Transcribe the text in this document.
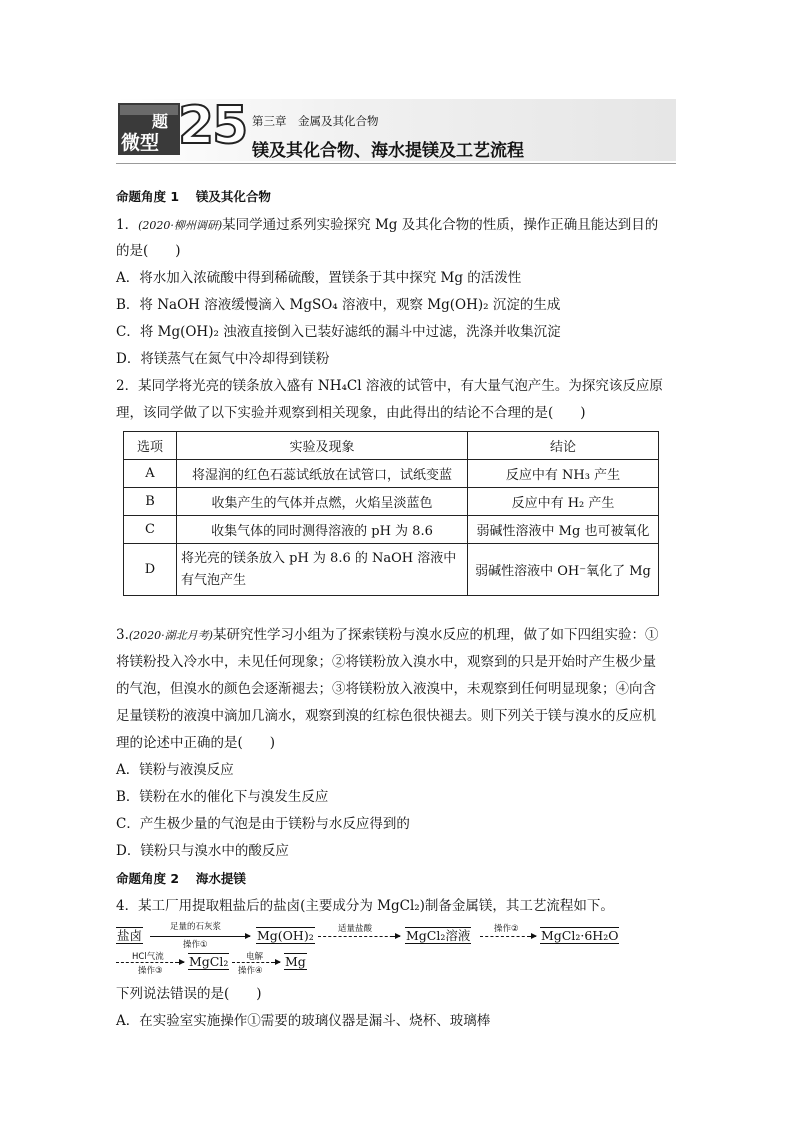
题
微型 25 第三章　金属及其化合物
镁及其化合物、海水提镁及工艺流程
命题角度 1　 镁及其化合物
1．(2020·柳州调研)某同学通过系列实验探究 Mg 及其化合物的性质，操作正确且能达到目的
的是(　　)
A．将水加入浓硫酸中得到稀硫酸，置镁条于其中探究 Mg 的活泼性
B．将 NaOH 溶液缓慢滴入 MgSO₄ 溶液中，观察 Mg(OH)₂ 沉淀的生成
C．将 Mg(OH)₂ 浊液直接倒入已装好滤纸的漏斗中过滤，洗涤并收集沉淀
D．将镁蒸气在氮气中冷却得到镁粉
2．某同学将光亮的镁条放入盛有 NH₄Cl 溶液的试管中，有大量气泡产生。为探究该反应原
理，该同学做了以下实验并观察到相关现象，由此得出的结论不合理的是(　　)
选项	实验及现象	结论
A	将湿润的红色石蕊试纸放在试管口，试纸变蓝	反应中有 NH₃ 产生
B	收集产生的气体并点燃，火焰呈淡蓝色	反应中有 H₂ 产生
C	收集气体的同时测得溶液的 pH 为 8.6	弱碱性溶液中 Mg 也可被氧化
D	将光亮的镁条放入 pH 为 8.6 的 NaOH 溶液中有气泡产生	弱碱性溶液中 OH⁻氧化了 Mg
3.(2020·湖北月考)某研究性学习小组为了探索镁粉与溴水反应的机理，做了如下四组实验：①
将镁粉投入冷水中，未见任何现象；②将镁粉放入溴水中，观察到的只是开始时产生极少量
的气泡，但溴水的颜色会逐渐褪去；③将镁粉放入液溴中，未观察到任何明显现象；④向含
足量镁粉的液溴中滴加几滴水，观察到溴的红棕色很快褪去。则下列关于镁与溴水的反应机
理的论述中正确的是(　　)
A．镁粉与液溴反应
B．镁粉在水的催化下与溴发生反应
C．产生极少量的气泡是由于镁粉与水反应得到的
D．镁粉只与溴水中的酸反应
命题角度 2　 海水提镁
4．某工厂用提取粗盐后的盐卤(主要成分为 MgCl₂)制备金属镁，其工艺流程如下。
盐卤
足量的石灰浆
操作①
Mg(OH)₂	适量盐酸	MgCl₂溶液	操作② MgCl₂·6H₂O
HCl气流
操作③
MgCl₂ 电解
操作④
Mg
下列说法错误的是(　　)
A．在实验室实施操作①需要的玻璃仪器是漏斗、烧杯、玻璃棒
